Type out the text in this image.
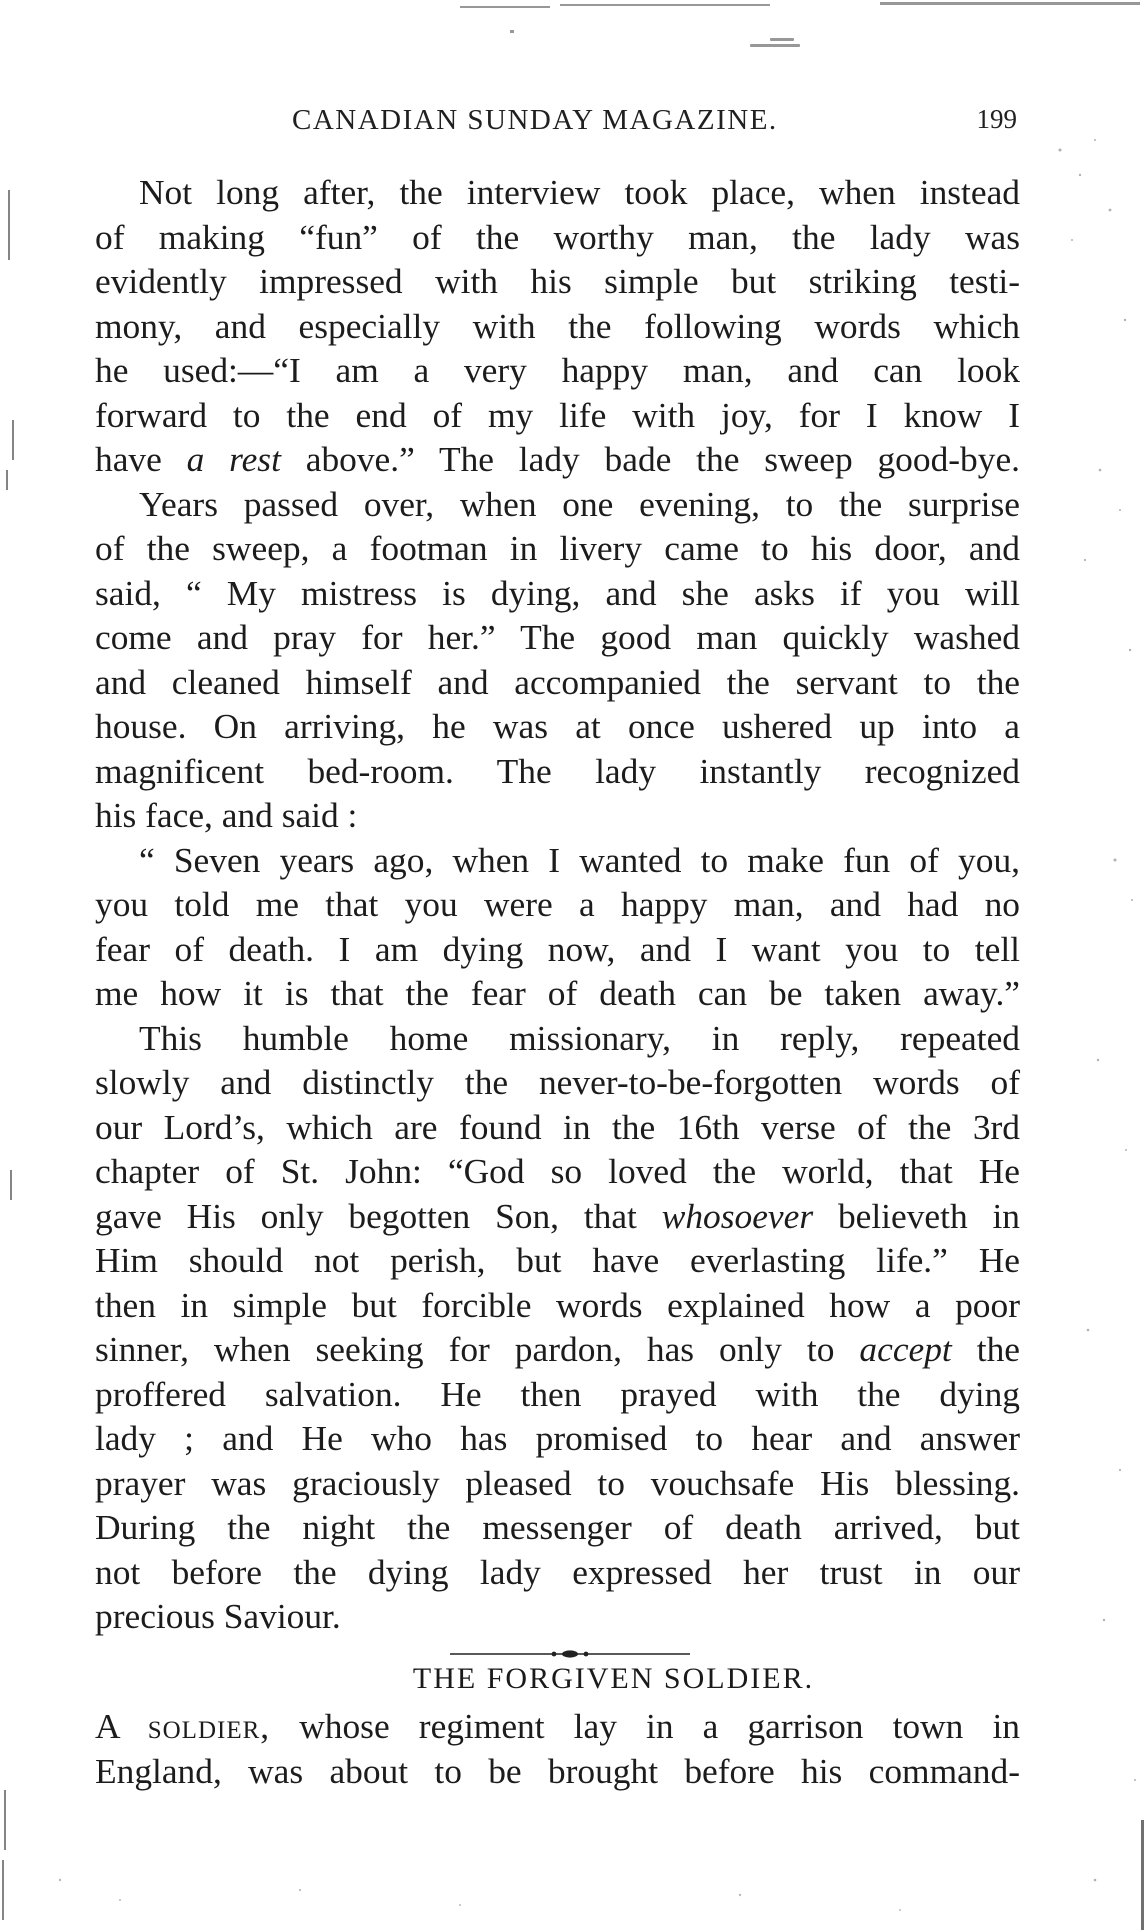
CANADIAN SUNDAY MAGAZINE.	199
Not long after, the interview took place, when instead
of making “fun” of the worthy man, the lady was
evidently impressed with his simple but striking testi-
mony, and especially with the following words which
he used:—“I am a very happy man, and can look
forward to the end of my life with joy, for I know I
have a rest above.” The lady bade the sweep good-bye.
Years passed over, when one evening, to the surprise
of the sweep, a footman in livery came to his door, and
said, “ My mistress is dying, and she asks if you will
come and pray for her.” The good man quickly washed
and cleaned himself and accompanied the servant to the
house. On arriving, he was at once ushered up into a
magnificent bed-room. The lady instantly recognized
his face, and said :
“ Seven years ago, when I wanted to make fun of you,
you told me that you were a happy man, and had no
fear of death. I am dying now, and I want you to tell
me how it is that the fear of death can be taken away.”
This humble home missionary, in reply, repeated
slowly and distinctly the never-to-be-forgotten words of
our Lord’s, which are found in the 16th verse of the 3rd
chapter of St. John: “God so loved the world, that He
gave His only begotten Son, that whosoever believeth in
Him should not perish, but have everlasting life.” He
then in simple but forcible words explained how a poor
sinner, when seeking for pardon, has only to accept the
proffered salvation. He then prayed with the dying
lady ; and He who has promised to hear and answer
prayer was graciously pleased to vouchsafe His blessing.
During the night the messenger of death arrived, but
not before the dying lady expressed her trust in our
precious Saviour.
THE FORGIVEN SOLDIER.
A soldier, whose regiment lay in a garrison town in
England, was about to be brought before his command-
